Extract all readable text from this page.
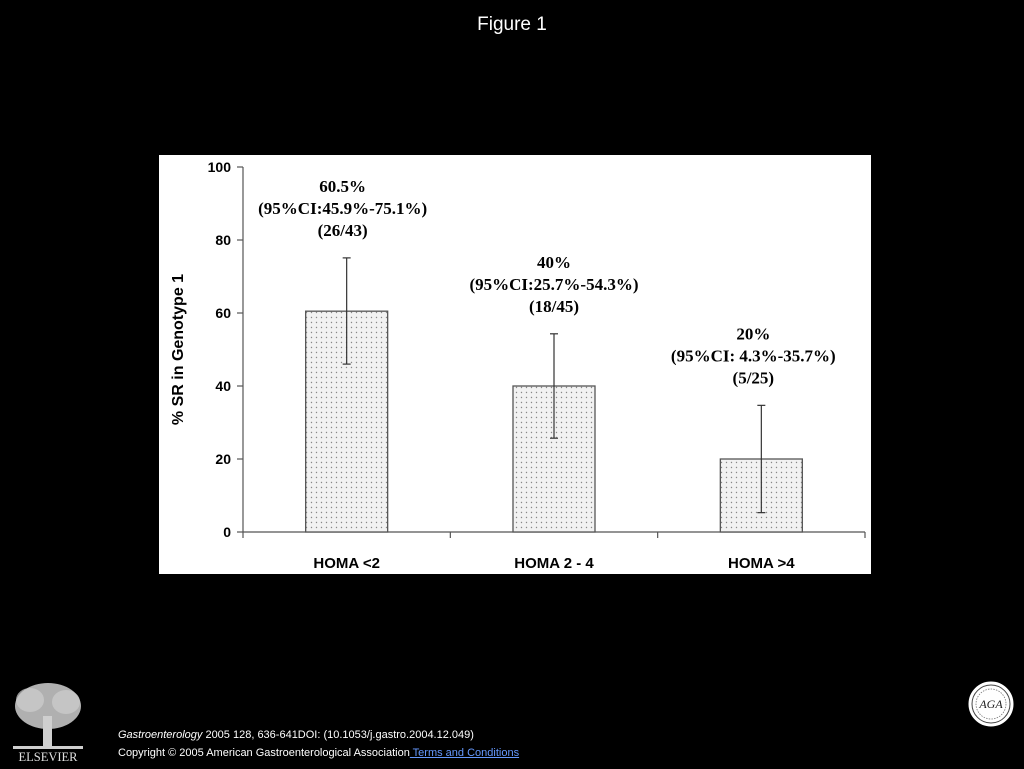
Figure 1
0
20
40
60
80
100
% SR in Genotype 1
HOMA <2
60.5%
(95%CI:45.9%-75.1%)
(26/43)
HOMA 2 - 4
40%
(95%CI:25.7%-54.3%)
(18/45)
HOMA >4
20%
(95%CI: 4.3%-35.7%)
(5/25)
ELSEVIER
AGA
Gastroenterology 2005 128, 636-641DOI: (10.1053/j.gastro.2004.12.049)
Copyright © 2005 American Gastroenterological Association Terms and Conditions
